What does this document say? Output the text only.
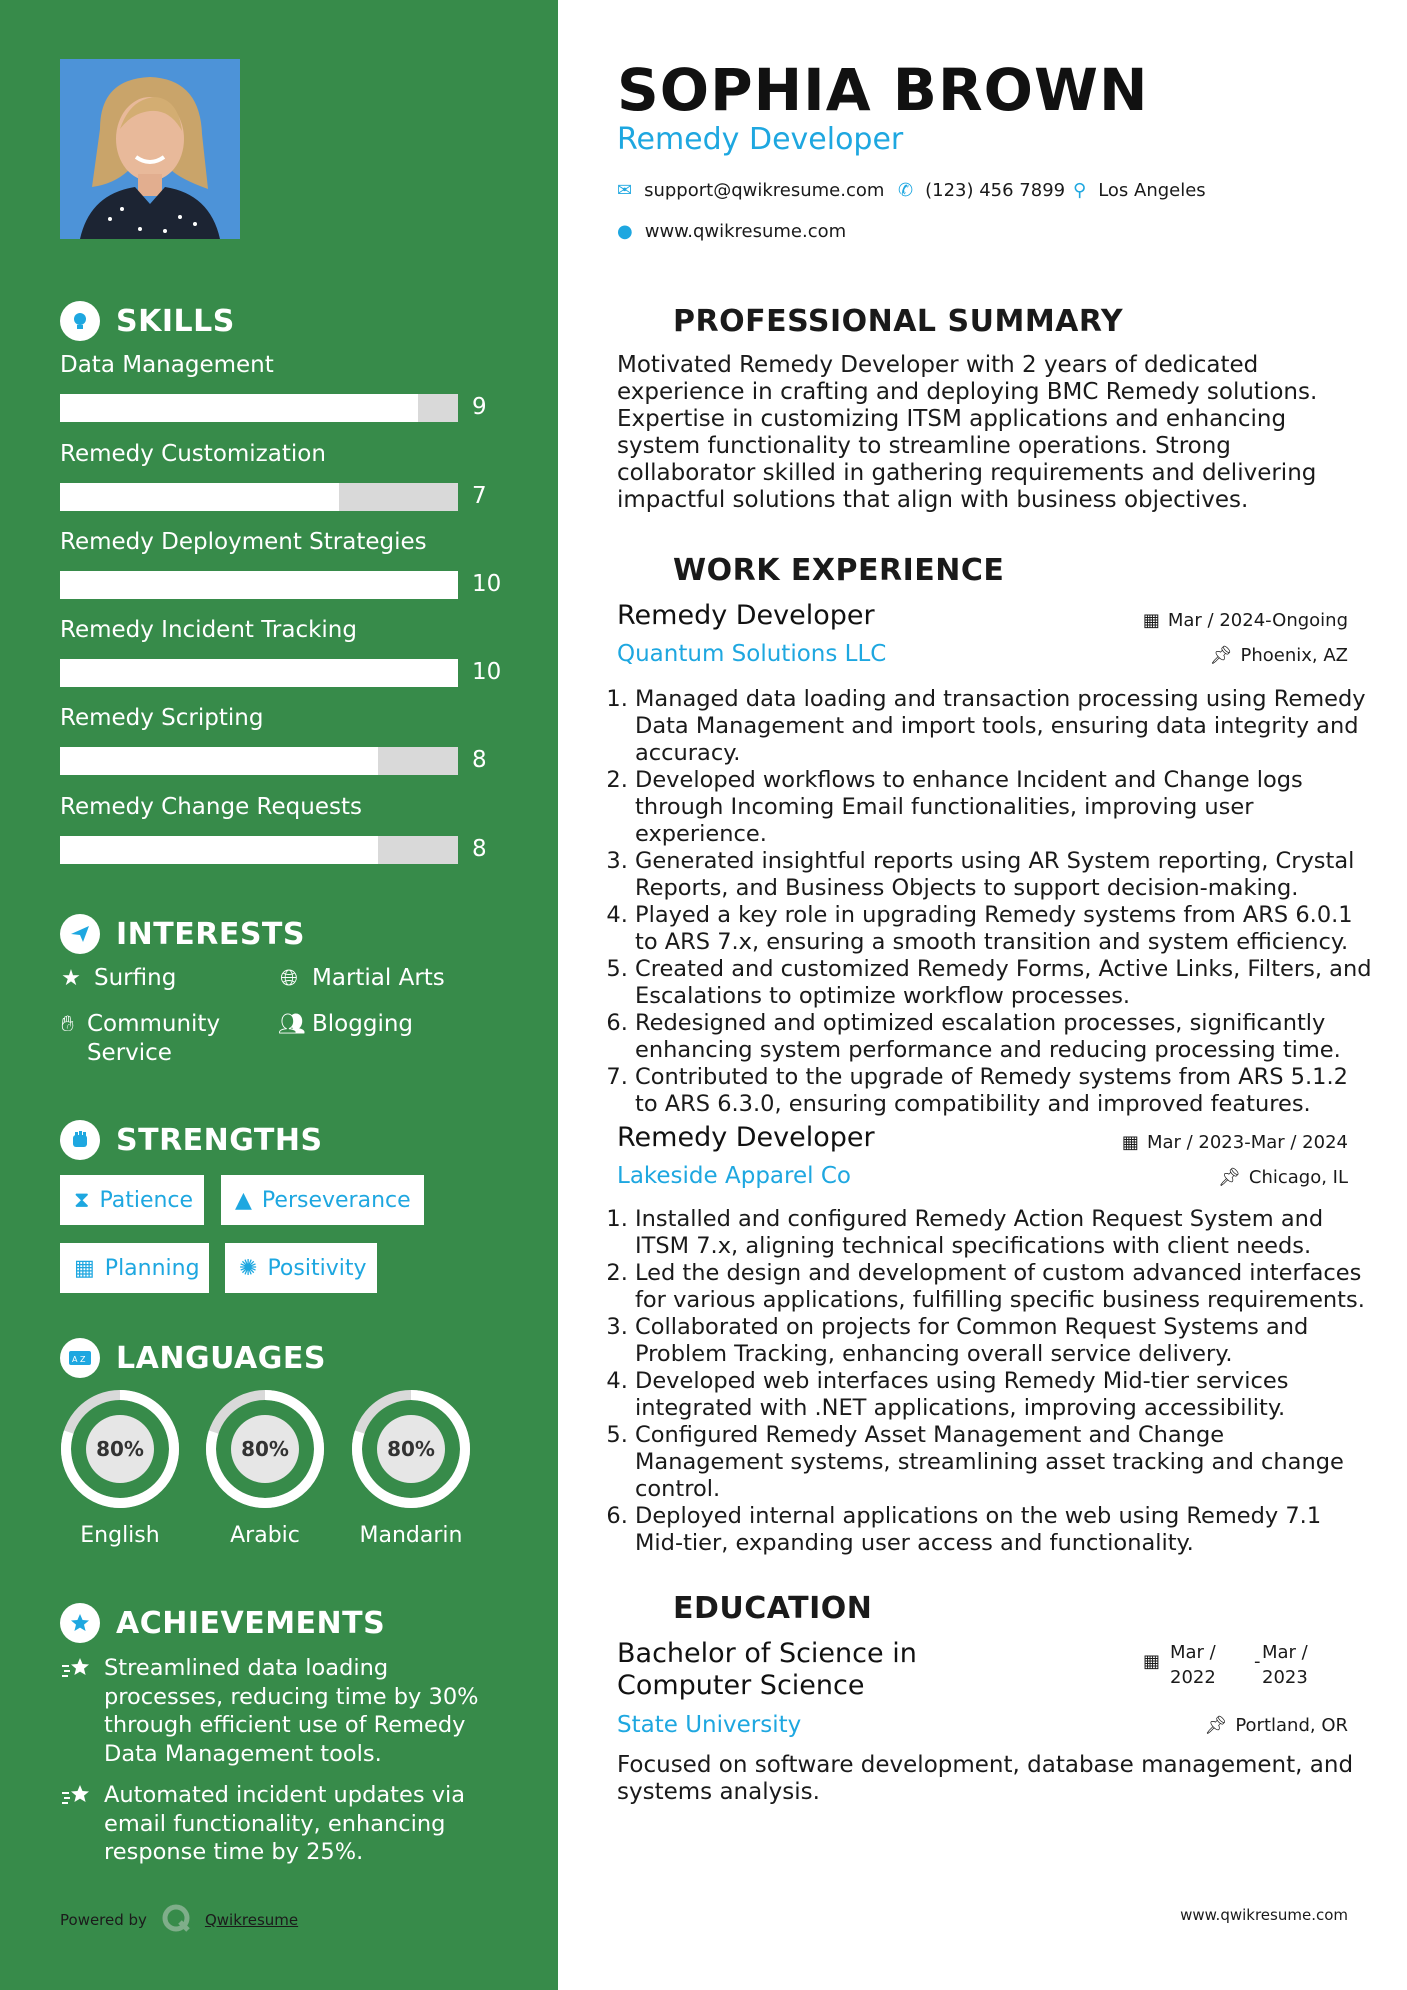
SKILLS
Data Management
9
Remedy Customization
7
Remedy Deployment Strategies
10
Remedy Incident Tracking
10
Remedy Scripting
8
Remedy Change Requests
8
INTERESTS
★ Surfing	🌐︎ Martial Arts
✋︎ Community Service
👥︎ Blogging
STRENGTHS
⧗ Patience ▲ Perseverance
▦ Planning ✺ Positivity
A Z LANGUAGES
80%
English
80%
Arabic
80%
Mandarin
ACHIEVEMENTS
Streamlined data loading processes, reducing time by 30% through efficient use of Remedy Data Management tools.
Automated incident updates via email functionality, enhancing response time by 25%.
Powered by	Qwikresume
SOPHIA BROWN
Remedy Developer
✉ support@qwikresume.com ✆ (123) 456 7899 ⚲ Los Angeles
● www.qwikresume.com
PROFESSIONAL SUMMARY
Motivated Remedy Developer with 2 years of dedicated experience in crafting and deploying BMC Remedy solutions. Expertise in customizing ITSM applications and enhancing system functionality to streamline operations. Strong collaborator skilled in gathering requirements and delivering impactful solutions that align with business objectives.
WORK EXPERIENCE
Remedy Developer	▦ Mar / 2024-Ongoing
Quantum Solutions LLC	📌︎ Phoenix, AZ
1. Managed data loading and transaction processing using Remedy Data Management and import tools, ensuring data integrity and accuracy.
2. Developed workflows to enhance Incident and Change logs through Incoming Email functionalities, improving user experience.
3. Generated insightful reports using AR System reporting, Crystal Reports, and Business Objects to support decision-making.
4. Played a key role in upgrading Remedy systems from ARS 6.0.1 to ARS 7.x, ensuring a smooth transition and system efficiency.
5. Created and customized Remedy Forms, Active Links, Filters, and Escalations to optimize workflow processes.
6. Redesigned and optimized escalation processes, significantly enhancing system performance and reducing processing time.
7. Contributed to the upgrade of Remedy systems from ARS 5.1.2 to ARS 6.3.0, ensuring compatibility and improved features.
Remedy Developer	▦ Mar / 2023-Mar / 2024
Lakeside Apparel Co	📌︎ Chicago, IL
1. Installed and configured Remedy Action Request System and ITSM 7.x, aligning technical specifications with client needs.
2. Led the design and development of custom advanced interfaces for various applications, fulfilling specific business requirements.
3. Collaborated on projects for Common Request Systems and Problem Tracking, enhancing overall service delivery.
4. Developed web interfaces using Remedy Mid-tier services integrated with .NET applications, improving accessibility.
5. Configured Remedy Asset Management and Change Management systems, streamlining asset tracking and change control.
6. Deployed internal applications on the web using Remedy 7.1 Mid-tier, expanding user access and functionality.
EDUCATION
Bachelor of Science in Computer Science
▦ Mar / 2022
- Mar / 2023
State University	📌︎ Portland, OR
Focused on software development, database management, and systems analysis.
www.qwikresume.com
